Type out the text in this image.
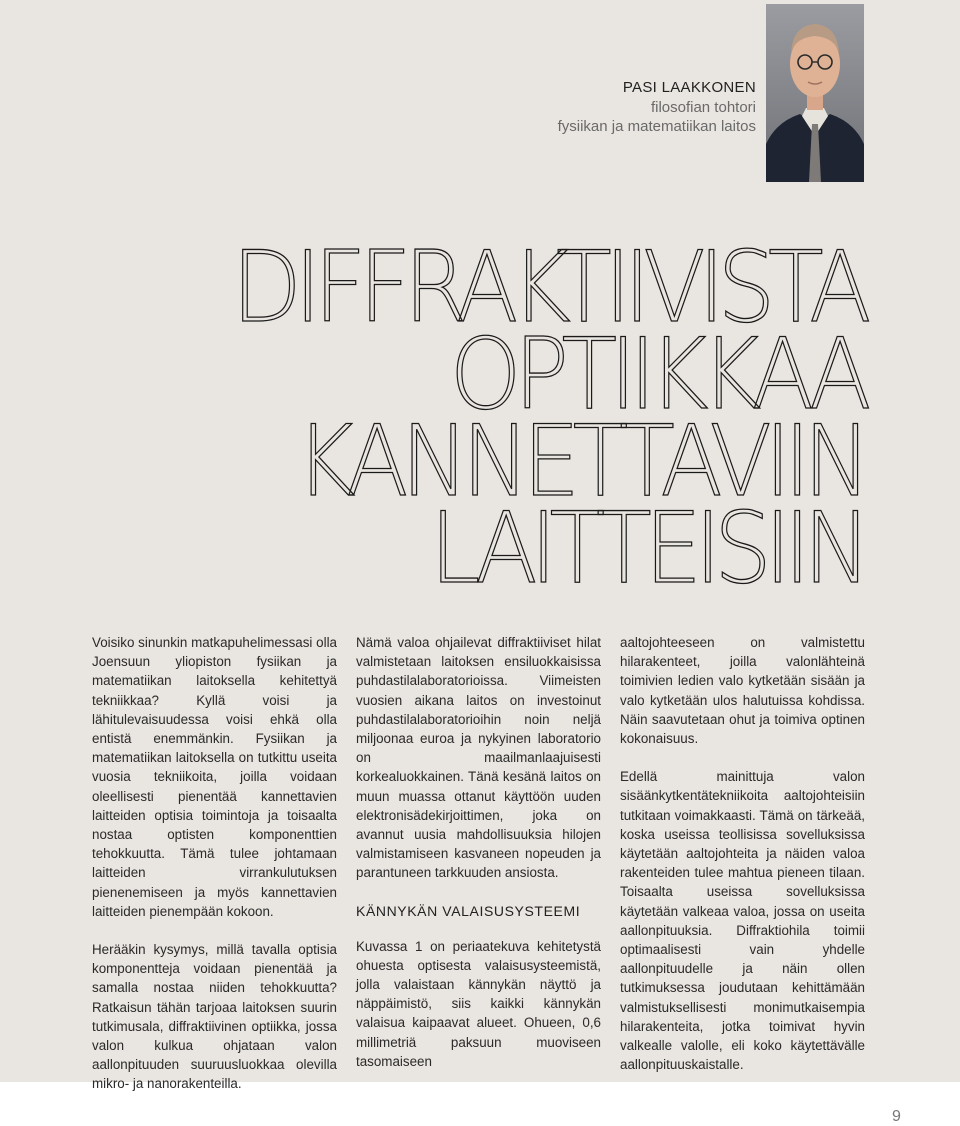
PASI LAAKKONEN
filosofian tohtori
fysiikan ja matematiikan laitos
DIFFRAKTIIVISTA
OPTIIKKAA
KANNETTAVIIN
LAITTEISIIN

Voisiko sinunkin matkapuhelimessasi olla Joensuun yliopiston fysiikan ja matematiikan laitoksella kehitettyä tekniikkaa? Kyllä voisi ja lähitulevaisuudessa voisi ehkä olla entistä enemmänkin. Fysiikan ja matematiikan laitoksella on tutkittu useita vuosia tekniikoita, joilla voidaan oleellisesti pienentää kannettavien laitteiden optisia toimintoja ja toisaalta nostaa optisten komponenttien tehokkuutta. Tämä tulee johtamaan laitteiden virrankulutuksen pienenemiseen ja myös kannettavien laitteiden pienempään kokoon.

Herääkin kysymys, millä tavalla optisia komponentteja voidaan pienentää ja samalla nostaa niiden tehokkuutta? Ratkaisun tähän tarjoaa laitoksen suurin tutkimusala, diffraktiivinen optiikka, jossa valon kulkua ohjataan valon aallonpituuden suuruusluokkaa olevilla mikro- ja nanorakenteilla.

Nämä valoa ohjailevat diffraktiiviset hilat valmistetaan laitoksen ensiluokkaisissa puhdastilalaboratorioissa. Viimeisten vuosien aikana laitos on investoinut puhdastilalaboratorioihin noin neljä miljoonaa euroa ja nykyinen laboratorio on maailmanlaajuisesti korkealuokkainen. Tänä kesänä laitos on muun muassa ottanut käyttöön uuden elektronisädekirjoittimen, joka on avannut uusia mahdollisuuksia hilojen valmistamiseen kasvaneen nopeuden ja parantuneen tarkkuuden ansiosta.

KÄNNYKÄN VALAISUSYSTEEMI

Kuvassa 1 on periaatekuva kehitetystä ohuesta optisesta valaisusysteemistä, jolla valaistaan kännykän näyttö ja näppäimistö, siis kaikki kännykän valaisua kaipaavat alueet. Ohueen, 0,6 millimetriä paksuun muoviseen tasomaiseen

aaltojohteeseen on valmistettu hilarakenteet, joilla valonlähteinä toimivien ledien valo kytketään sisään ja valo kytketään ulos halutuissa kohdissa. Näin saavutetaan ohut ja toimiva optinen kokonaisuus.

Edellä mainittuja valon sisäänkytkentätekniikoita aaltojohteisiin tutkitaan voimakkaasti. Tämä on tärkeää, koska useissa teollisissa sovelluksissa käytetään aaltojohteita ja näiden valoa rakenteiden tulee mahtua pieneen tilaan. Toisaalta useissa sovelluksissa käytetään valkeaa valoa, jossa on useita aallonpituuksia. Diffraktiohila toimii optimaalisesti vain yhdelle aallonpituudelle ja näin ollen tutkimuksessa joudutaan kehittämään valmistuksellisesti monimutkaisempia hilarakenteita, jotka toimivat hyvin valkealle valolle, eli koko käytettävälle aallonpituuskaistalle.

9
